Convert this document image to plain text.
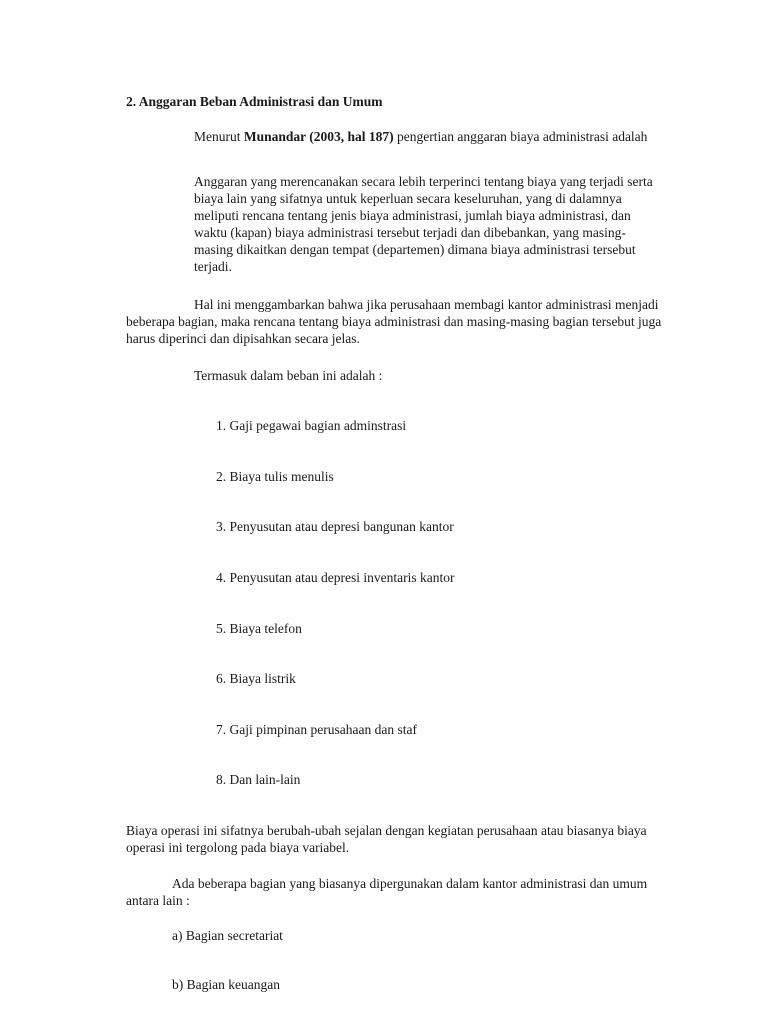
2. Anggaran Beban Administrasi dan Umum

Menurut Munandar (2003, hal 187) pengertian anggaran biaya administrasi adalah

Anggaran yang merencanakan secara lebih terperinci tentang biaya yang terjadi serta biaya lain yang sifatnya untuk keperluan secara keseluruhan, yang di dalamnya meliputi rencana tentang jenis biaya administrasi, jumlah biaya administrasi, dan waktu (kapan) biaya administrasi tersebut terjadi dan dibebankan, yang masing-masing dikaitkan dengan tempat (departemen) dimana biaya administrasi tersebut terjadi.

Hal ini menggambarkan bahwa jika perusahaan membagi kantor administrasi menjadi beberapa bagian, maka rencana tentang biaya administrasi dan masing-masing bagian tersebut juga harus diperinci dan dipisahkan secara jelas.

Termasuk dalam beban ini adalah :

1. Gaji pegawai bagian adminstrasi

2. Biaya tulis menulis

3. Penyusutan atau depresi bangunan kantor

4. Penyusutan atau depresi inventaris kantor

5. Biaya telefon

6. Biaya listrik

7. Gaji pimpinan perusahaan dan staf

8. Dan lain-lain

Biaya operasi ini sifatnya berubah-ubah sejalan dengan kegiatan perusahaan atau biasanya biaya operasi ini tergolong pada biaya variabel.

Ada beberapa bagian yang biasanya dipergunakan dalam kantor administrasi dan umum antara lain :

a) Bagian secretariat

b) Bagian keuangan
